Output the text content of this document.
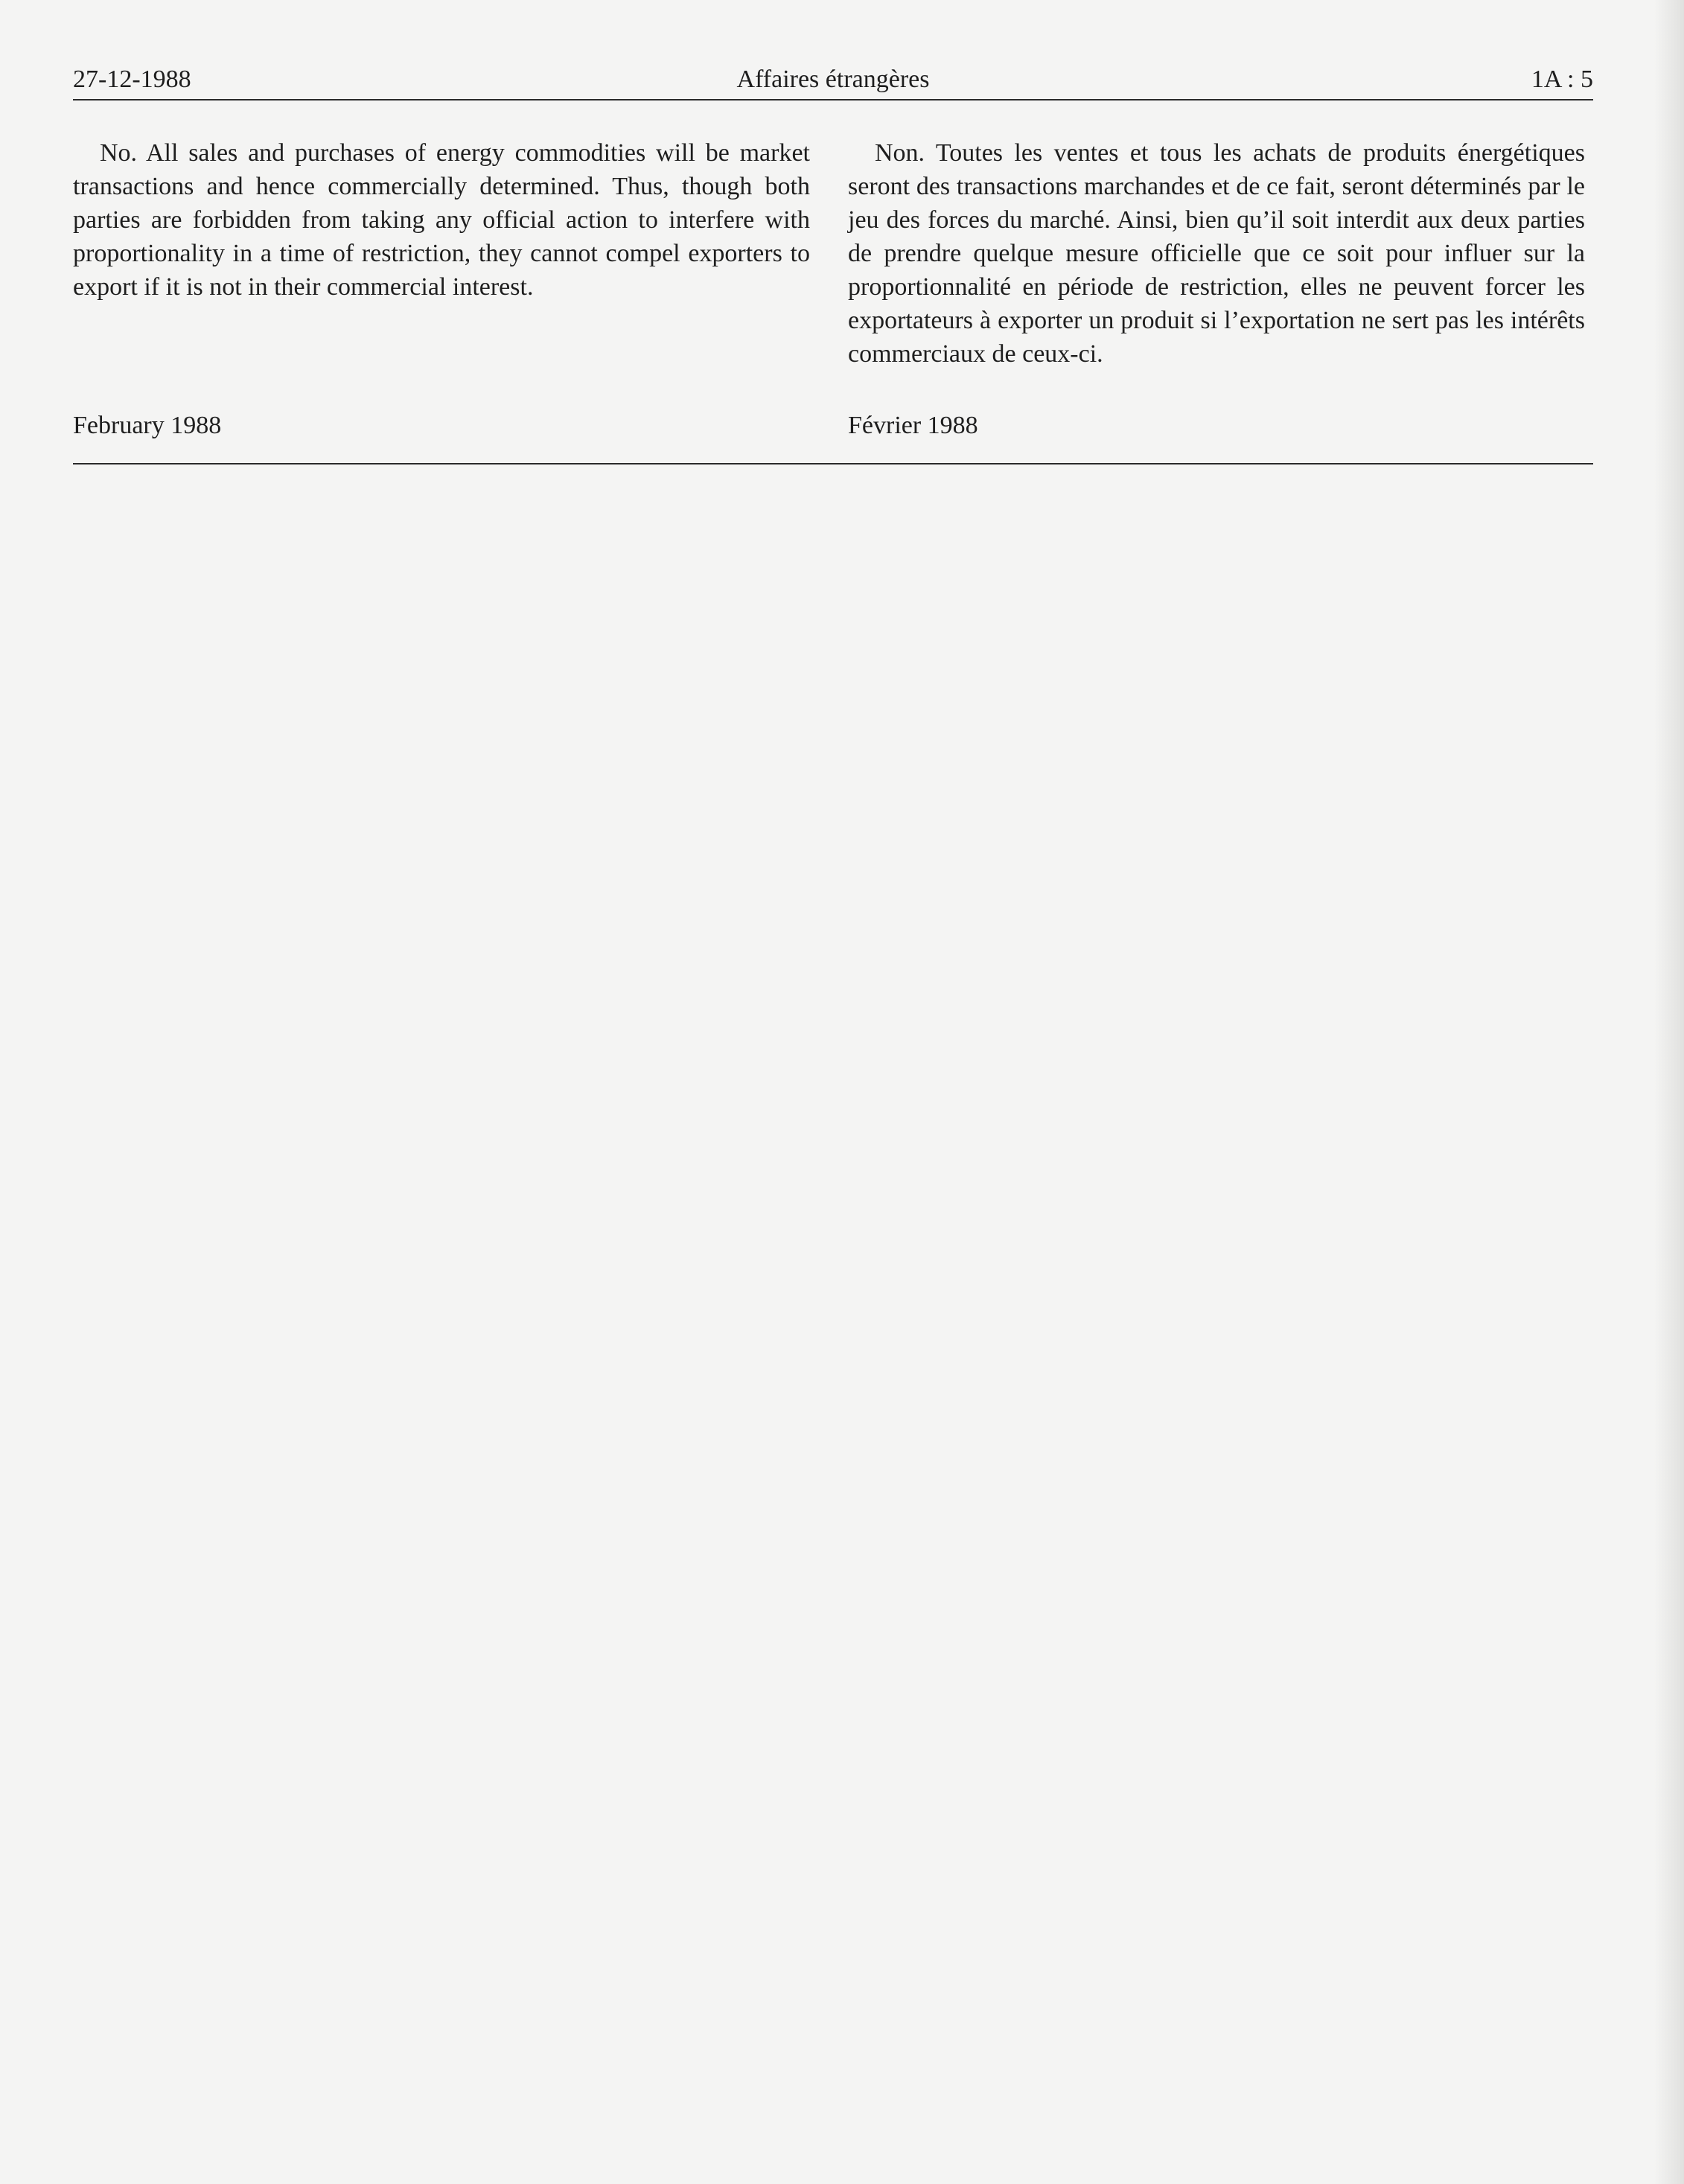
27-12-1988	Affaires étrangères	1A : 5

No. All sales and purchases of energy commodities will be market transactions and hence commercially determined. Thus, though both parties are forbidden from taking any official action to interfere with proportionality in a time of restriction, they cannot compel exporters to export if it is not in their commercial interest.

Non. Toutes les ventes et tous les achats de produits énergétiques seront des transactions marchandes et de ce fait, seront déterminés par le jeu des forces du marché. Ainsi, bien qu’il soit interdit aux deux parties de prendre quelque mesure officielle que ce soit pour influer sur la proportionnalité en période de restriction, elles ne peuvent forcer les exportateurs à exporter un produit si l’exportation ne sert pas les intérêts commerciaux de ceux-ci.

February 1988	Février 1988
